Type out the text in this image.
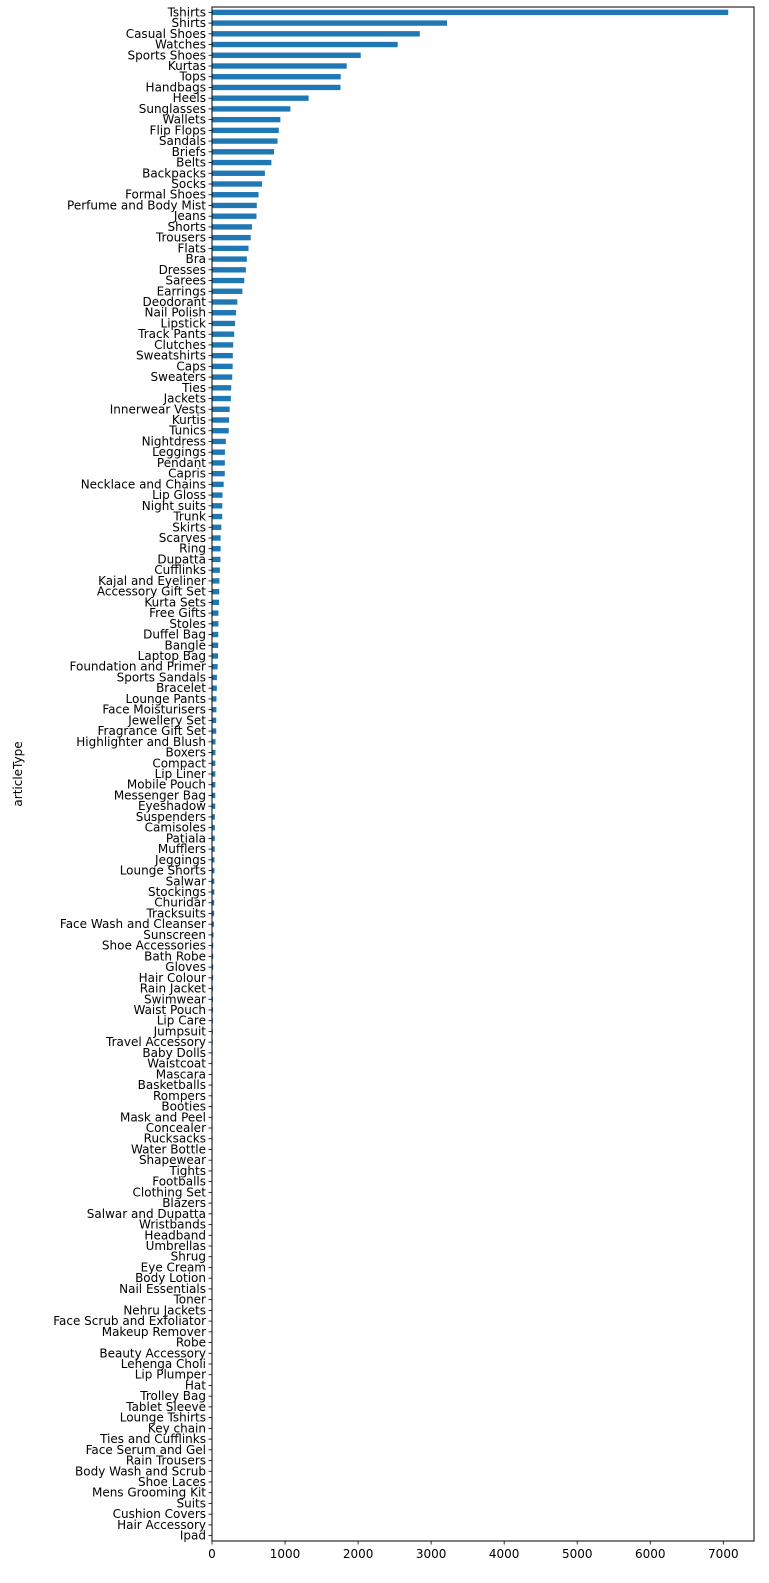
Tshirts
Shirts
Casual Shoes
Watches
Sports Shoes
Kurtas
Tops
Handbags
Heels
Sunglasses
Wallets
Flip Flops
Sandals
Briefs
Belts
Backpacks
Socks
Formal Shoes
Perfume and Body Mist
Jeans
Shorts
Trousers
Flats
Bra
Dresses
Sarees
Earrings
Deodorant
Nail Polish
Lipstick
Track Pants
Clutches
Sweatshirts
Caps
Sweaters
Ties
Jackets
Innerwear Vests
Kurtis
Tunics
Nightdress
Leggings
Pendant
Capris
Necklace and Chains
Lip Gloss
Night suits
Trunk
Skirts
Scarves
Ring
Dupatta
Cufflinks
Kajal and Eyeliner
Accessory Gift Set
Kurta Sets
Free Gifts
Stoles
Duffel Bag
Bangle
Laptop Bag
Foundation and Primer
Sports Sandals
Bracelet
Lounge Pants
Face Moisturisers
Jewellery Set
Fragrance Gift Set
Highlighter and Blush
Boxers
Compact
Lip Liner
Mobile Pouch
Messenger Bag
Eyeshadow
Suspenders
Camisoles
Patiala
Mufflers
Jeggings
Lounge Shorts
Salwar
Stockings
Churidar
Tracksuits
Face Wash and Cleanser
Sunscreen
Shoe Accessories
Bath Robe
Gloves
Hair Colour
Rain Jacket
Swimwear
Waist Pouch
Lip Care
Jumpsuit
Travel Accessory
Baby Dolls
Waistcoat
Mascara
Basketballs
Rompers
Booties
Mask and Peel
Concealer
Rucksacks
Water Bottle
Shapewear
Tights
Footballs
Clothing Set
Blazers
Salwar and Dupatta
Wristbands
Headband
Umbrellas
Shrug
Eye Cream
Body Lotion
Nail Essentials
Toner
Nehru Jackets
Face Scrub and Exfoliator
Makeup Remover
Robe
Beauty Accessory
Lehenga Choli
Lip Plumper
Hat
Trolley Bag
Tablet Sleeve
Lounge Tshirts
Key chain
Ties and Cufflinks
Face Serum and Gel
Rain Trousers
Body Wash and Scrub
Shoe Laces
Mens Grooming Kit
Suits
Cushion Covers
Hair Accessory
Ipad
0	1000	2000	3000	4000	5000	6000	7000
articleType
